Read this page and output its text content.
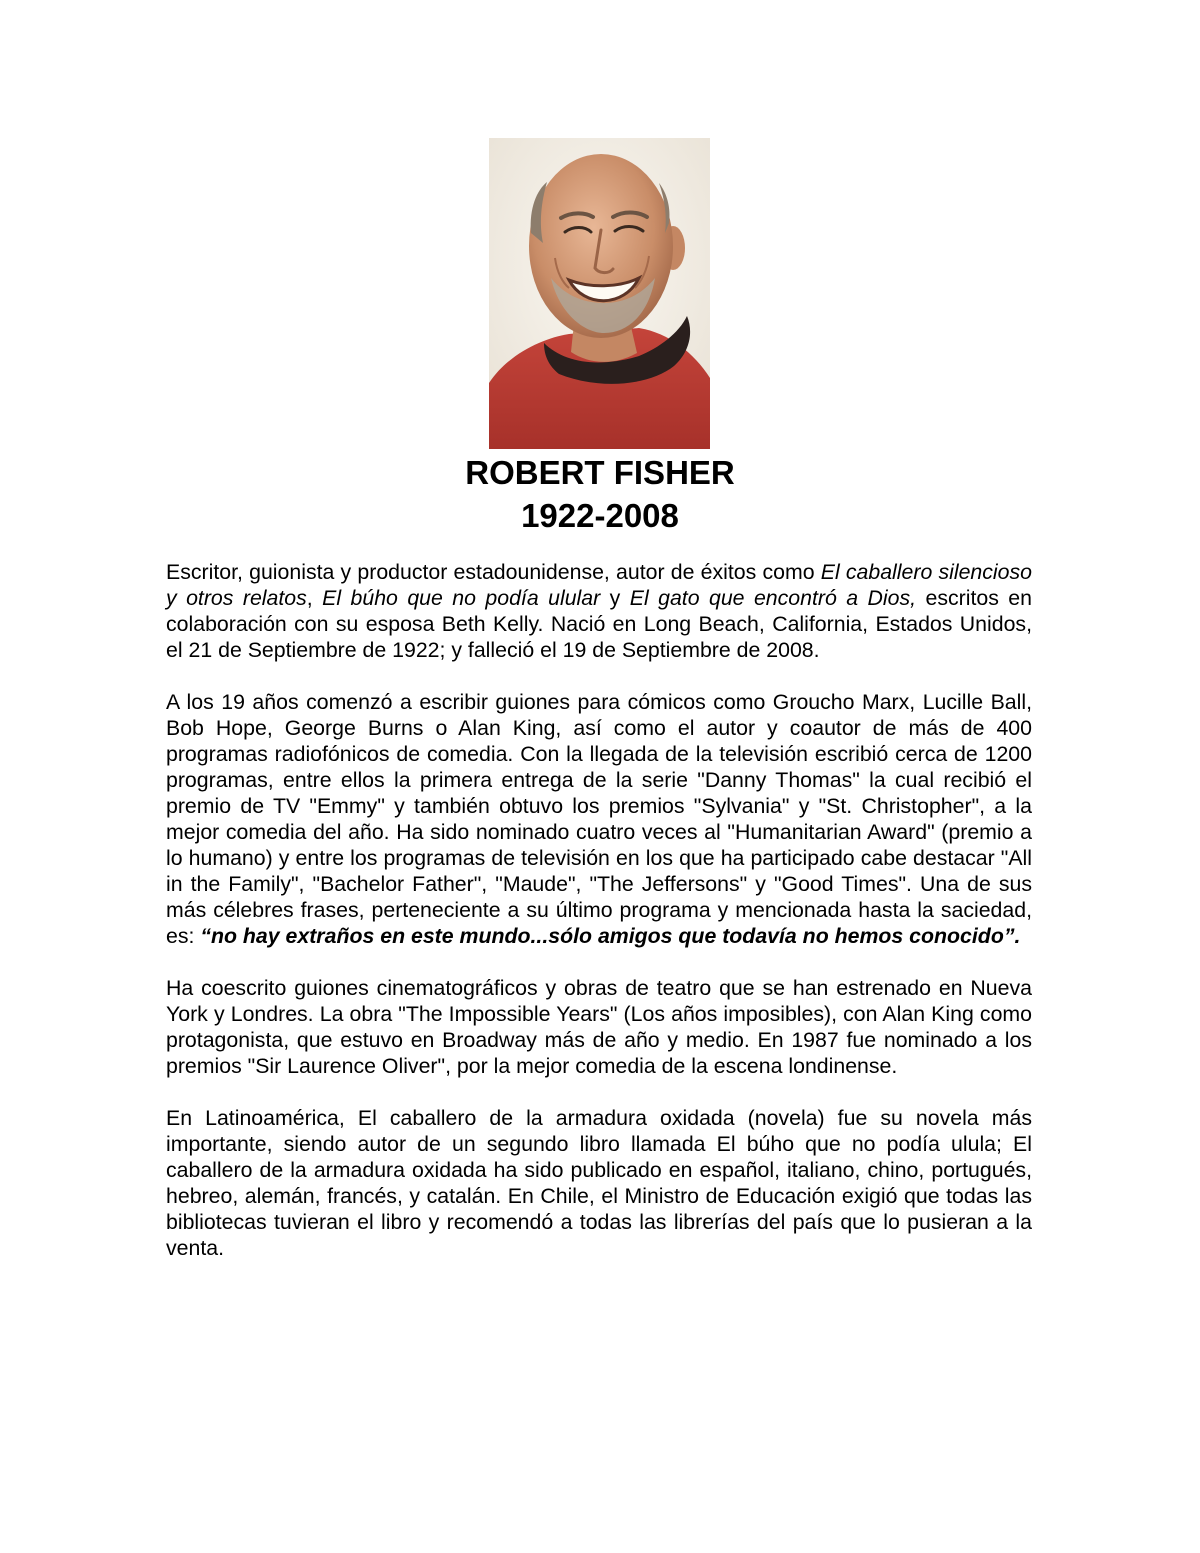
ROBERT FISHER
1922-2008

Escritor, guionista y productor estadounidense, autor de éxitos como El caballero silencioso y otros relatos, El búho que no podía ulular y El gato que encontró a Dios, escritos en colaboración con su esposa Beth Kelly. Nació en Long Beach, California, Estados Unidos, el 21 de Septiembre de 1922; y falleció el 19 de Septiembre de 2008.

A los 19 años comenzó a escribir guiones para cómicos como Groucho Marx, Lucille Ball, Bob Hope, George Burns o Alan King, así como el autor y coautor de más de 400 programas radiofónicos de comedia. Con la llegada de la televisión escribió cerca de 1200 programas, entre ellos la primera entrega de la serie "Danny Thomas" la cual recibió el premio de TV "Emmy" y también obtuvo los premios "Sylvania" y "St. Christopher", a la mejor comedia del año. Ha sido nominado cuatro veces al "Humanitarian Award" (premio a lo humano) y entre los programas de televisión en los que ha participado cabe destacar "All in the Family", "Bachelor Father", "Maude", "The Jeffersons" y "Good Times". Una de sus más célebres frases, perteneciente a su último programa y mencionada hasta la saciedad, es: “no hay extraños en este mundo...sólo amigos que todavía no hemos conocido”.

Ha coescrito guiones cinematográficos y obras de teatro que se han estrenado en Nueva York y Londres. La obra "The Impossible Years" (Los años imposibles), con Alan King como protagonista, que estuvo en Broadway más de año y medio. En 1987 fue nominado a los premios "Sir Laurence Oliver", por la mejor comedia de la escena londinense.

En Latinoamérica, El caballero de la armadura oxidada (novela) fue su novela más importante, siendo autor de un segundo libro llamada El búho que no podía ulula; El caballero de la armadura oxidada ha sido publicado en español, italiano, chino, portugués, hebreo, alemán, francés, y catalán. En Chile, el Ministro de Educación exigió que todas las bibliotecas tuvieran el libro y recomendó a todas las librerías del país que lo pusieran a la venta.
